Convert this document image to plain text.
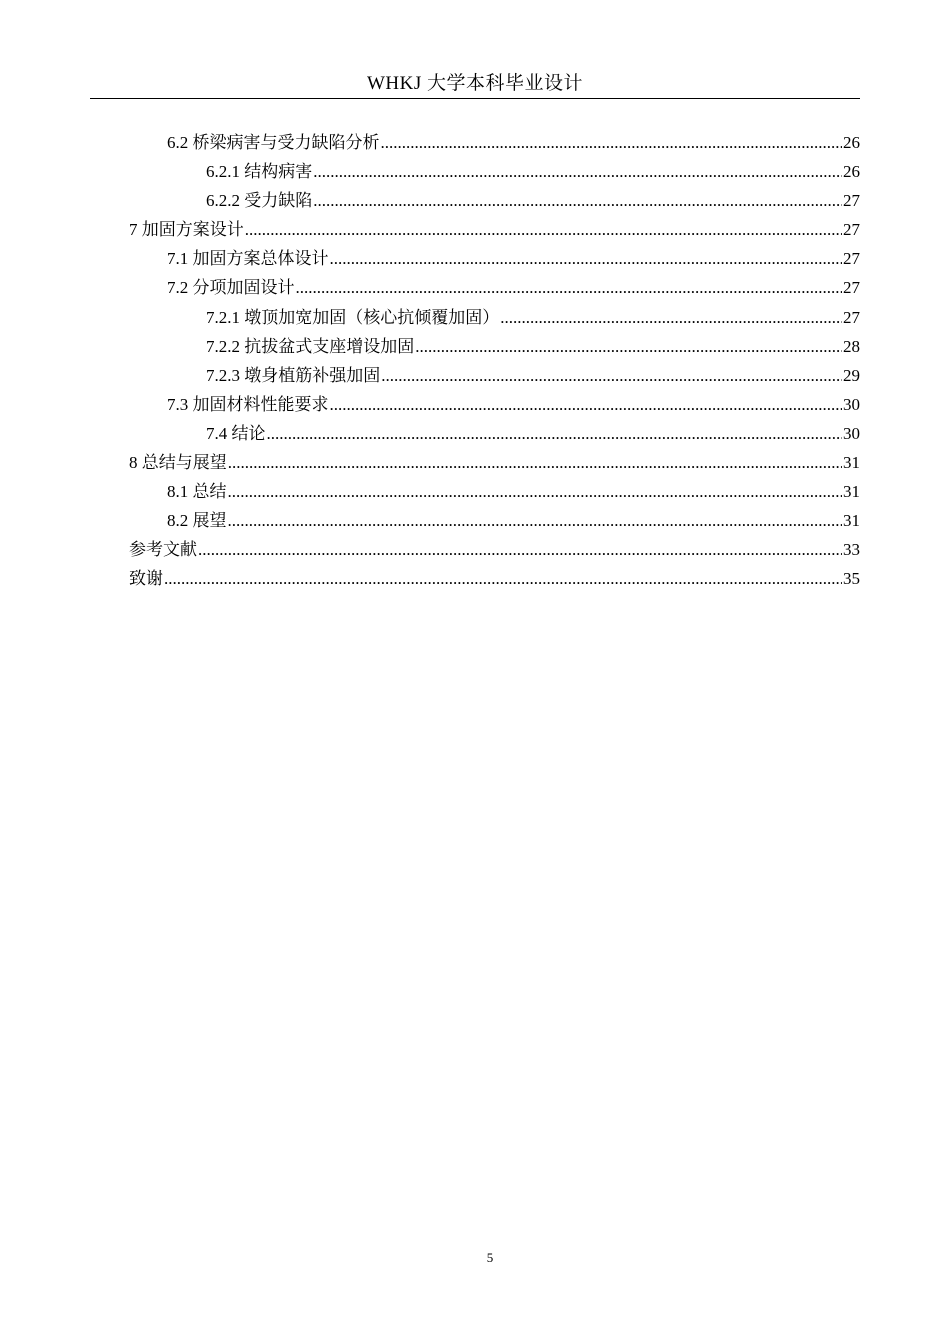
WHKJ 大学本科毕业设计
6.2 桥梁病害与受力缺陷分析 .....	26
6.2.1 结构病害 .....	26
6.2.2 受力缺陷 .....	27
7 加固方案设计 .....	27
7.1 加固方案总体设计 .....	27
7.2 分项加固设计 .....	27
7.2.1 墩顶加宽加固（核心抗倾覆加固） .....	27
7.2.2 抗拔盆式支座增设加固 .....	28
7.2.3 墩身植筋补强加固 .....	29
7.3 加固材料性能要求 .....	30
7.4 结论 .....	30
8 总结与展望 .....	31
8.1 总结 .....	31
8.2 展望 .....	31
参考文献 .....	33
致谢 .....	35
5
